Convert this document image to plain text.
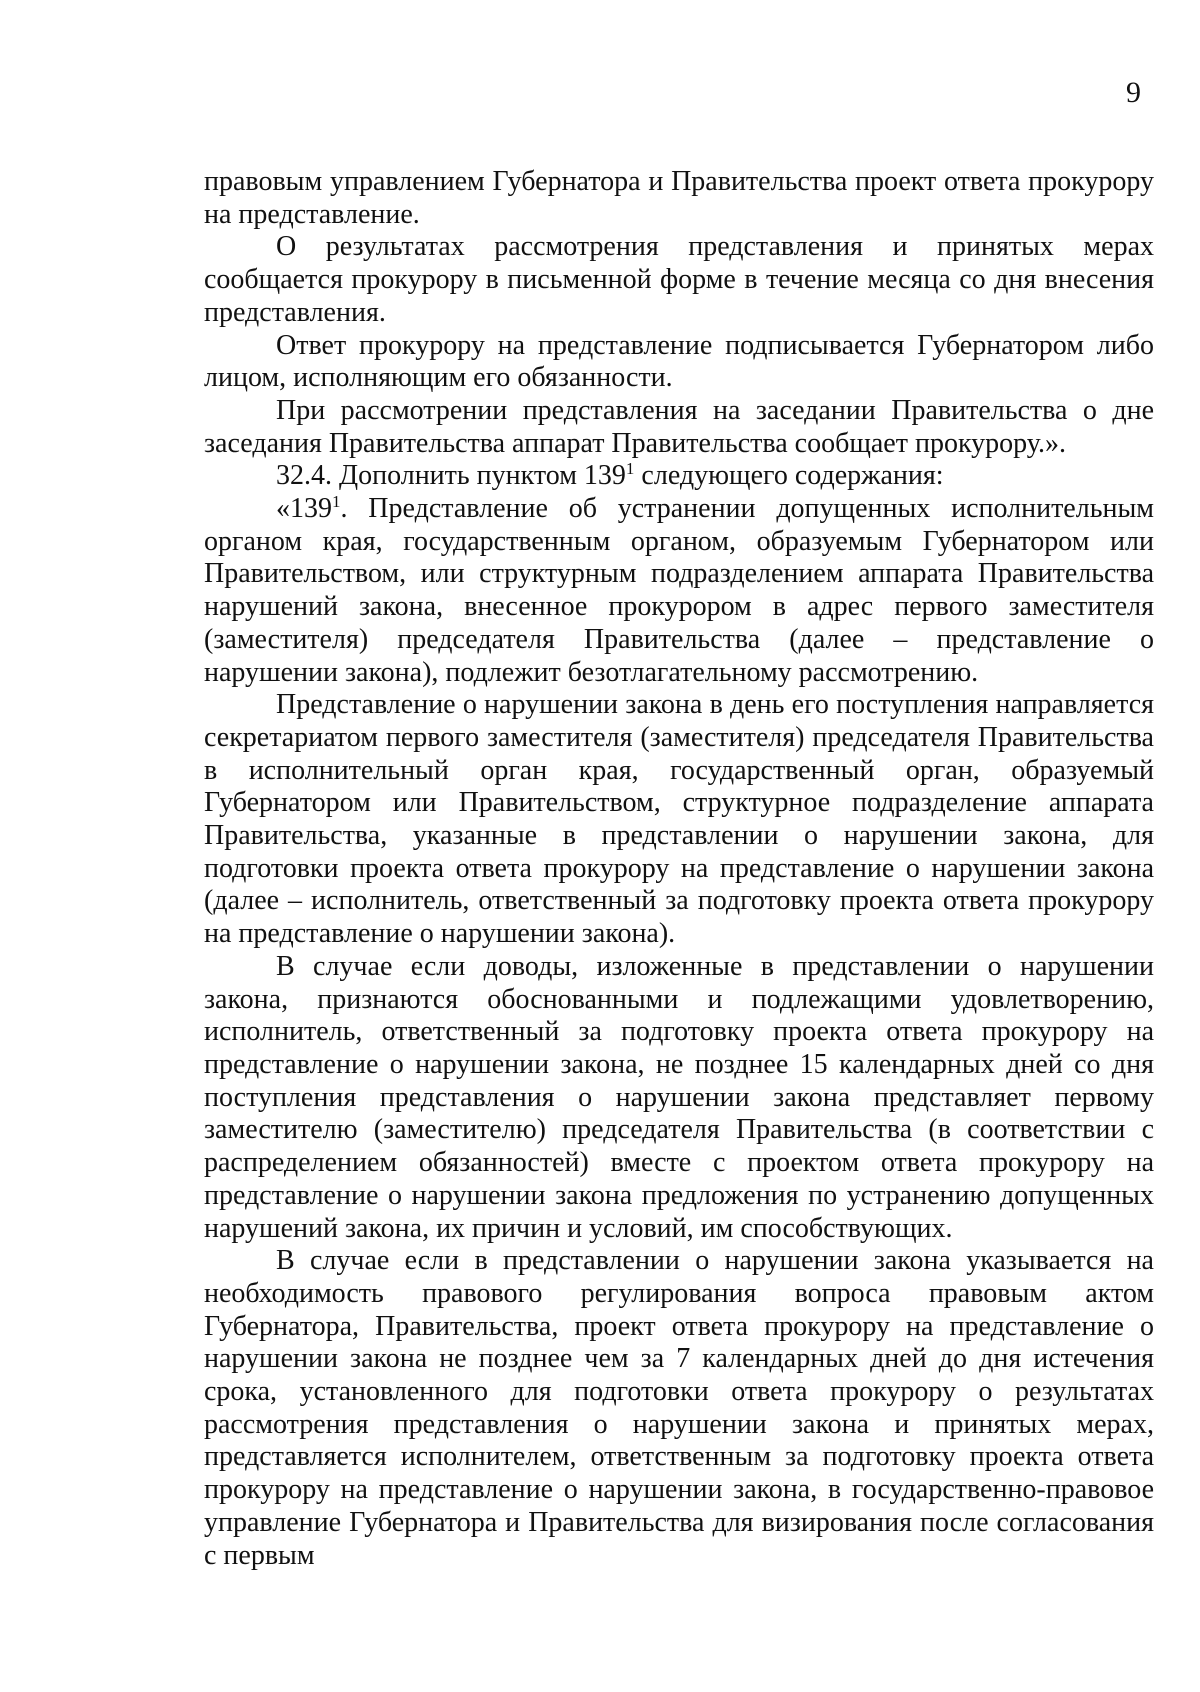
9

правовым управлением Губернатора и Правительства проект ответа прокурору на представление.

О результатах рассмотрения представления и принятых мерах сообщается прокурору в письменной форме в течение месяца со дня внесения представления.

Ответ прокурору на представление подписывается Губернатором либо лицом, исполняющим его обязанности.

При рассмотрении представления на заседании Правительства о дне заседания Правительства аппарат Правительства сообщает прокурору.».

32.4. Дополнить пунктом $139^1$ следующего содержания:

«$139^1$. Представление об устранении допущенных исполнительным органом края, государственным органом, образуемым Губернатором или Правительством, или структурным подразделением аппарата Правительства нарушений закона, внесенное прокурором в адрес первого заместителя (заместителя) председателя Правительства (далее – представление о нарушении закона), подлежит безотлагательному рассмотрению.

Представление о нарушении закона в день его поступления направляется секретариатом первого заместителя (заместителя) председателя Правительства в исполнительный орган края, государственный орган, образуемый Губернатором или Правительством, структурное подразделение аппарата Правительства, указанные в представлении о нарушении закона, для подготовки проекта ответа прокурору на представление о нарушении закона (далее – исполнитель, ответственный за подготовку проекта ответа прокурору на представление о нарушении закона).

В случае если доводы, изложенные в представлении о нарушении закона, признаются обоснованными и подлежащими удовлетворению, исполнитель, ответственный за подготовку проекта ответа прокурору на представление о нарушении закона, не позднее 15 календарных дней со дня поступления представления о нарушении закона представляет первому заместителю (заместителю) председателя Правительства (в соответствии с распределением обязанностей) вместе с проектом ответа прокурору на представление о нарушении закона предложения по устранению допущенных нарушений закона, их причин и условий, им способствующих.

В случае если в представлении о нарушении закона указывается на необходимость правового регулирования вопроса правовым актом Губернатора, Правительства, проект ответа прокурору на представление о нарушении закона не позднее чем за 7 календарных дней до дня истечения срока, установленного для подготовки ответа прокурору о результатах рассмотрения представления о нарушении закона и принятых мерах, представляется исполнителем, ответственным за подготовку проекта ответа прокурору на представление о нарушении закона, в государственно-правовое управление Губернатора и Правительства для визирования после согласования с первым
